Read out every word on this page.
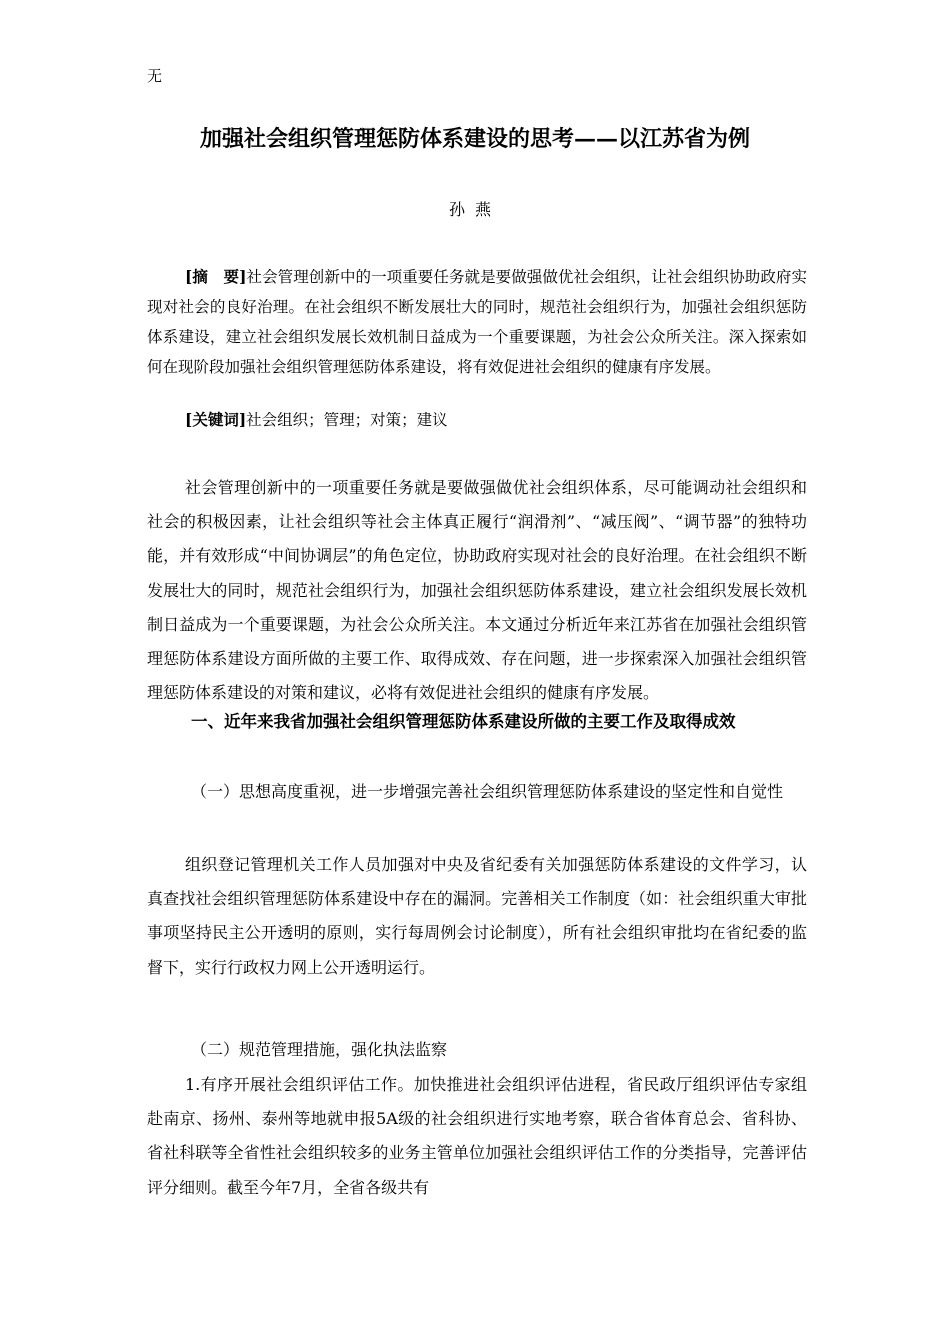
无
加强社会组织管理惩防体系建设的思考——以江苏省为例
孙燕

[摘　要]社会管理创新中的一项重要任务就是要做强做优社会组织，让社会组织协助政府实现对社会的良好治理。在社会组织不断发展壮大的同时，规范社会组织行为，加强社会组织惩防体系建设，建立社会组织发展长效机制日益成为一个重要课题，为社会公众所关注。深入探索如何在现阶段加强社会组织管理惩防体系建设，将有效促进社会组织的健康有序发展。

[关键词]社会组织；管理；对策；建议

社会管理创新中的一项重要任务就是要做强做优社会组织体系，尽可能调动社会组织和社会的积极因素，让社会组织等社会主体真正履行“润滑剂”、“减压阀”、“调节器”的独特功能，并有效形成“中间协调层”的角色定位，协助政府实现对社会的良好治理。在社会组织不断发展壮大的同时，规范社会组织行为，加强社会组织惩防体系建设，建立社会组织发展长效机制日益成为一个重要课题，为社会公众所关注。本文通过分析近年来江苏省在加强社会组织管理惩防体系建设方面所做的主要工作、取得成效、存在问题，进一步探索深入加强社会组织管理惩防体系建设的对策和建议，必将有效促进社会组织的健康有序发展。

一、近年来我省加强社会组织管理惩防体系建设所做的主要工作及取得成效

（一）思想高度重视，进一步增强完善社会组织管理惩防体系建设的坚定性和自觉性

组织登记管理机关工作人员加强对中央及省纪委有关加强惩防体系建设的文件学习，认真查找社会组织管理惩防体系建设中存在的漏洞。完善相关工作制度（如：社会组织重大审批事项坚持民主公开透明的原则，实行每周例会讨论制度），所有社会组织审批均在省纪委的监督下，实行行政权力网上公开透明运行。

（二）规范管理措施，强化执法监察

1.有序开展社会组织评估工作。加快推进社会组织评估进程，省民政厅组织评估专家组赴南京、扬州、泰州等地就申报5A级的社会组织进行实地考察，联合省体育总会、省科协、省社科联等全省性社会组织较多的业务主管单位加强社会组织评估工作的分类指导，完善评估评分细则。截至今年7月，全省各级共有
